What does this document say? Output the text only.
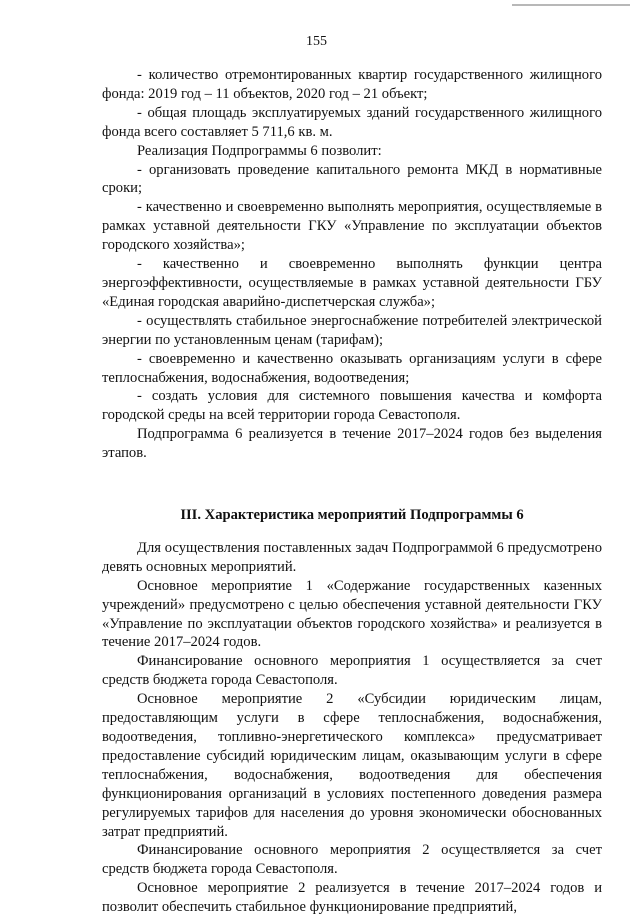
155

- количество отремонтированных квартир государственного жилищного фонда: 2019 год – 11 объектов, 2020 год – 21 объект;

- общая площадь эксплуатируемых зданий государственного жилищного фонда всего составляет 5 711,6 кв. м.

Реализация Подпрограммы 6 позволит:

- организовать проведение капитального ремонта МКД в нормативные сроки;

- качественно и своевременно выполнять мероприятия, осуществляемые в рамках уставной деятельности ГКУ «Управление по эксплуатации объектов городского хозяйства»;

- качественно и своевременно выполнять функции центра энергоэффективности, осуществляемые в рамках уставной деятельности ГБУ «Единая городская аварийно-диспетчерская служба»;

- осуществлять стабильное энергоснабжение потребителей электрической энергии по установленным ценам (тарифам);

- своевременно и качественно оказывать организациям услуги в сфере теплоснабжения, водоснабжения, водоотведения;

- создать условия для системного повышения качества и комфорта городской среды на всей территории города Севастополя.

Подпрограмма 6 реализуется в течение 2017–2024 годов без выделения этапов.

III. Характеристика мероприятий Подпрограммы 6

Для осуществления поставленных задач Подпрограммой 6 предусмотрено девять основных мероприятий.

Основное мероприятие 1 «Содержание государственных казенных учреждений» предусмотрено с целью обеспечения уставной деятельности ГКУ «Управление по эксплуатации объектов городского хозяйства» и реализуется в течение 2017–2024 годов.

Финансирование основного мероприятия 1 осуществляется за счет средств бюджета города Севастополя.

Основное мероприятие 2 «Субсидии юридическим лицам, предоставляющим услуги в сфере теплоснабжения, водоснабжения, водоотведения, топливно-энергетического комплекса» предусматривает предоставление субсидий юридическим лицам, оказывающим услуги в сфере теплоснабжения, водоснабжения, водоотведения для обеспечения функционирования организаций в условиях постепенного доведения размера регулируемых тарифов для населения до уровня экономически обоснованных затрат предприятий.

Финансирование основного мероприятия 2 осуществляется за счет средств бюджета города Севастополя.

Основное мероприятие 2 реализуется в течение 2017–2024 годов и позволит обеспечить стабильное функционирование предприятий,
